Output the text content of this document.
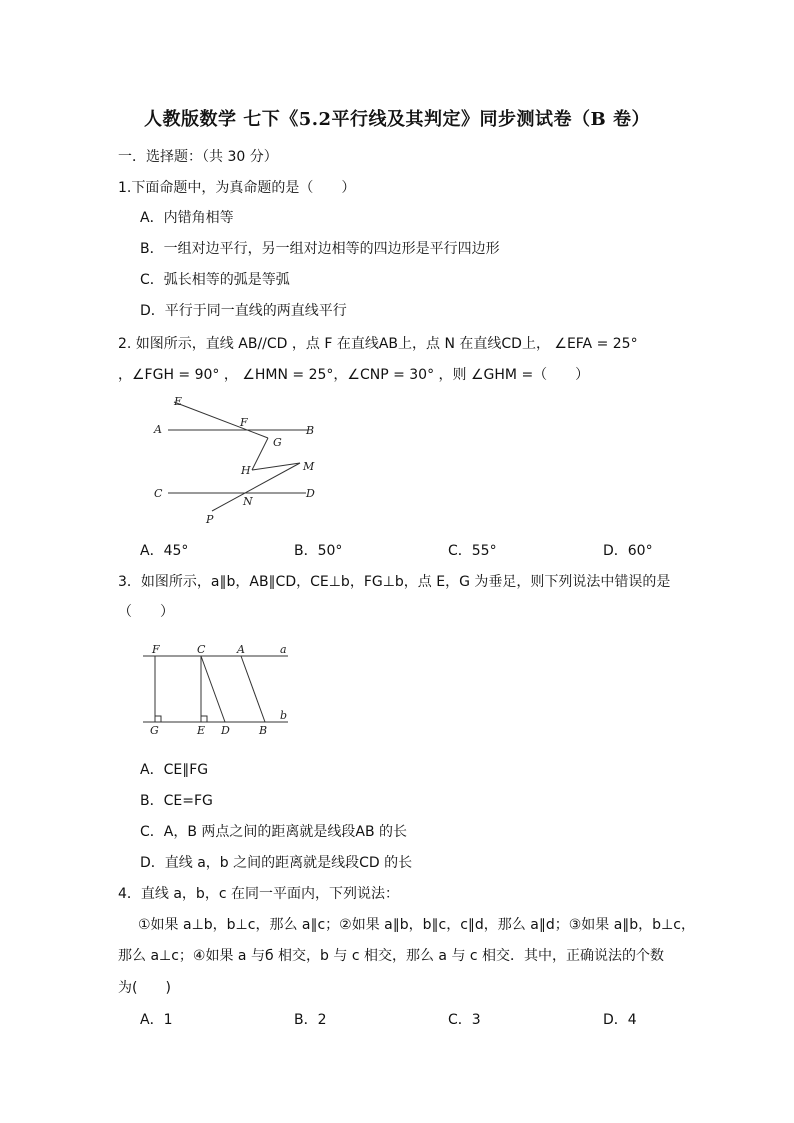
人教版数学 七下《5.2平行线及其判定》同步测试卷（B 卷）
一．选择题：（共 30 分）
1.下面命题中，为真命题的是（　　）
A．内错角相等
B．一组对边平行，另一组对边相等的四边形是平行四边形
C．弧长相等的弧是等弧
D．平行于同一直线的两直线平行
2. 如图所示，直线 AB//CD ，点 F 在直线AB上，点 N 在直线CD上， ∠EFA = 25°
，∠FGH = 90° ， ∠HMN = 25°，∠CNP = 30° ，则 ∠GHM =（　　）
E
F
A	B
G
H	M
C
N
D
P
A．45°	B．50°	C．55°	D．60°
3．如图所示，a∥b，AB∥CD，CE⊥b，FG⊥b，点 E，G 为垂足，则下列说法中错误的是
（　　）
F	C	A	a
b
G	E D	B
A．CE∥FG
B．CE=FG
C．A，B 两点之间的距离就是线段AB 的长
D．直线 a，b 之间的距离就是线段CD 的长
4．直线 a，b，c 在同一平面内，下列说法：
①如果 a⊥b，b⊥c，那么 a∥c；②如果 a∥b，b∥c，c∥d，那么 a∥d；③如果 a∥b，b⊥c，
那么 a⊥c；④如果 a 与б 相交，b 与 c 相交，那么 a 与 c 相交．其中，正确说法的个数
为(　　)
A．1	B．2	C．3	D．4
